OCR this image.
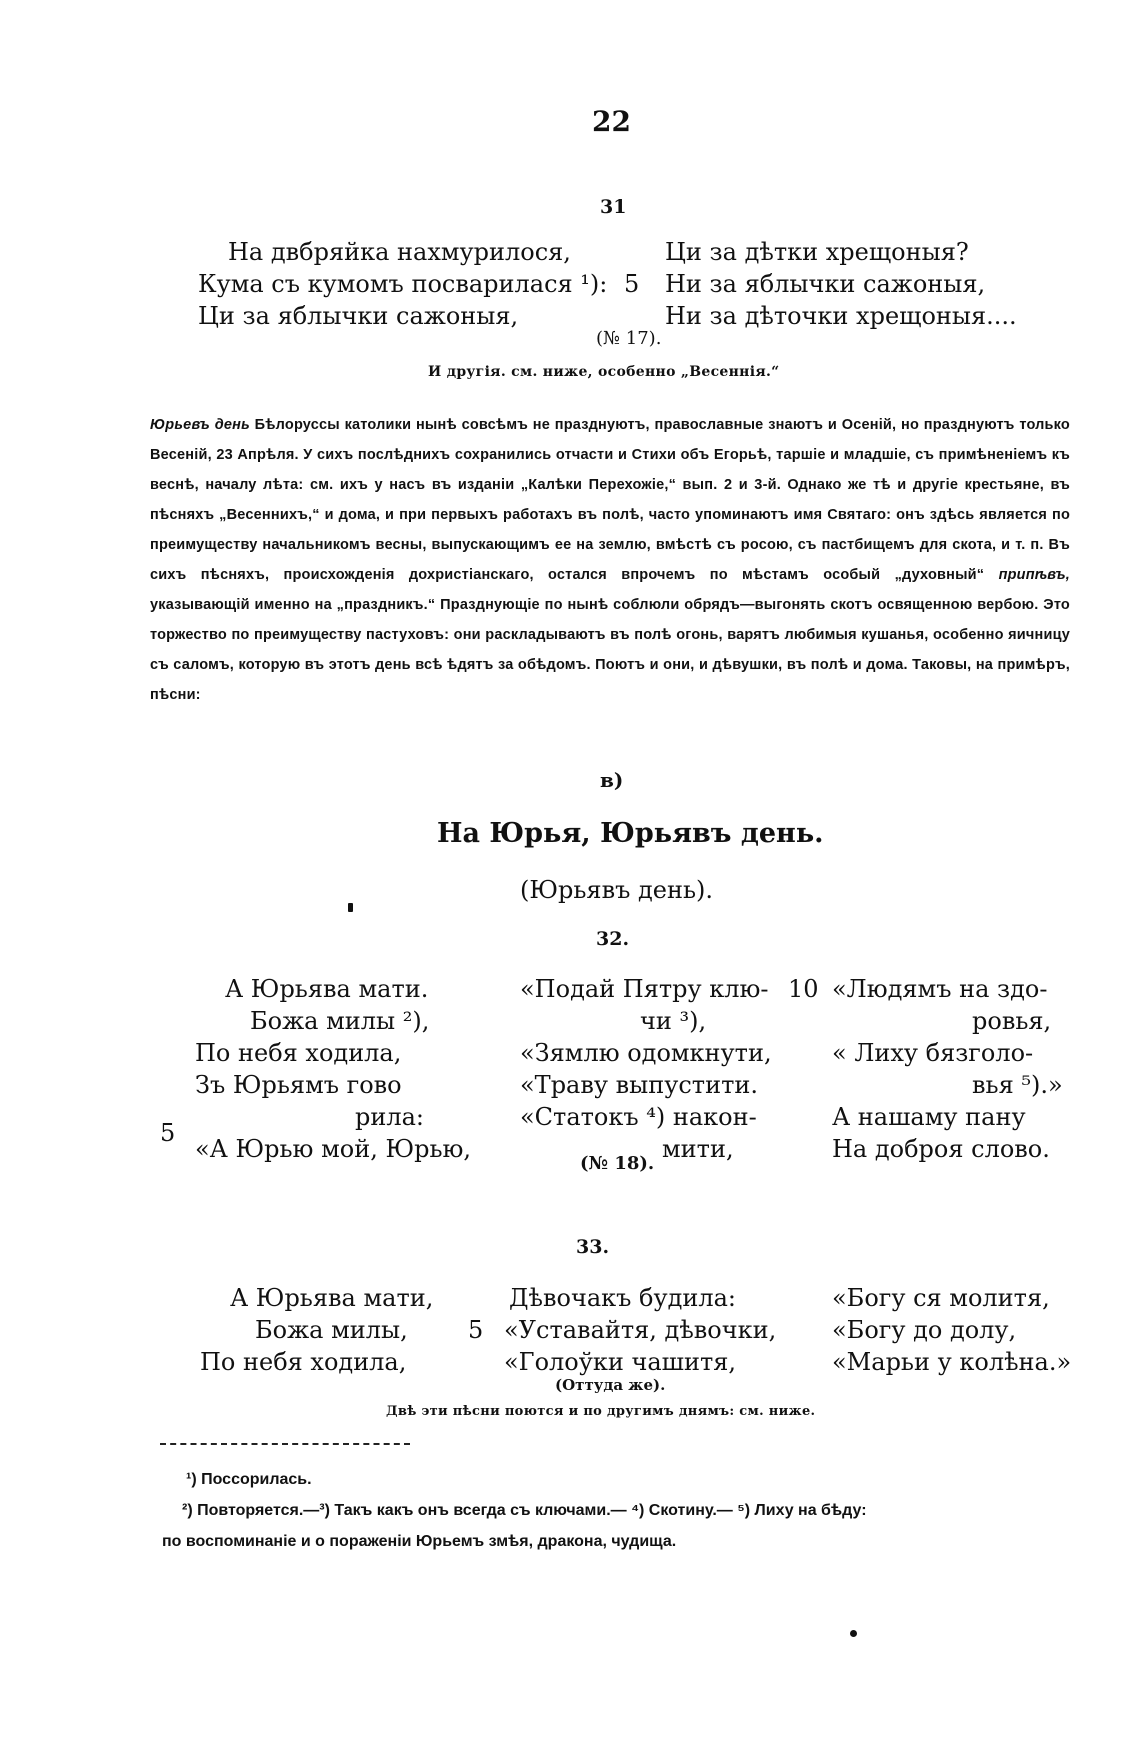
22
31
На двбряйка нахмурилося,
Кума съ кумомъ посварилася ¹):
Ци за яблычки сажоныя,
5
Ци за дѣтки хрещоныя?
Ни за яблычки сажоныя,
Ни за дѣточки хрещоныя....
(№ 17).
И другія. см. ниже, особенно „Весеннія.“
Юрьевъ день Бѣлоруссы католики нынѣ совсѣмъ не празднуютъ, православные знаютъ и Осеній, но празднуютъ только Весеній, 23 Апрѣля. У сихъ послѣднихъ сохранились отчасти и Стихи объ Егорьѣ, таршіе и младшіе, съ примѣненіемъ къ веснѣ, началу лѣта: см. ихъ у насъ въ изданіи „Калѣки Перехожіе,“ вып. 2 и 3-й. Однако же тѣ и другіе крестьяне, въ пѣсняхъ „Весеннихъ,“ и дома, и при первыхъ работахъ въ полѣ, часто упоминаютъ имя Святаго: онъ здѣсь является по преимуществу начальникомъ весны, выпускающимъ ее на землю, вмѣстѣ съ росою, съ пастбищемъ для скота, и т. п. Въ сихъ пѣсняхъ, происхожденія дохристіанскаго, остался впрочемъ по мѣстамъ особый „духовный“ припѣвъ, указывающій именно на „праздникъ.“ Празднующіе по нынѣ соблюли обрядъ—выгонять скотъ освященною вербою. Это торжество по преимуществу пастуховъ: они раскладываютъ въ полѣ огонь, варятъ любимыя кушанья, особенно яичницу съ саломъ, которую въ этотъ день всѣ ѣдятъ за обѣдомъ. Поютъ и они, и дѣвушки, въ полѣ и дома. Таковы, на примѣръ, пѣсни:
в)
На Юрья, Юрьявъ день.
(Юрьявъ день).
32.
5
А Юрьява мати.
Божа милы ²),
По небя ходила,
Зъ Юрьямъ гово
рила:
«А Юрью мой, Юрью,
«Подай Пятру клю-
чи ³),
«Зямлю одомкнути,
«Траву выпустити.
«Статокъ ⁴) након-
мити,
10 «Людямъ на здо-
ровья,
« Лиху бязголо-
вья ⁵).»
А нашаму пану
На доброя слово.
(№ 18).
33.
А Юрьява мати,
Божа милы,
По небя ходила,
5
Дѣвочакъ будила:
«Уставайтя, дѣвочки,
«Голоўки чашитя,
«Богу ся молитя,
«Богу до долу,
«Марьи у колѣна.»
(Оттуда же).
Двѣ эти пѣсни поются и по другимъ днямъ: см. ниже.
¹) Поссорилась.
²) Повторяется.—³) Такъ какъ онъ всегда съ ключами.— ⁴) Скотину.— ⁵) Лиху на бѣду:
по воспоминаніе и о пораженіи Юрьемъ змѣя, дракона, чудища.
